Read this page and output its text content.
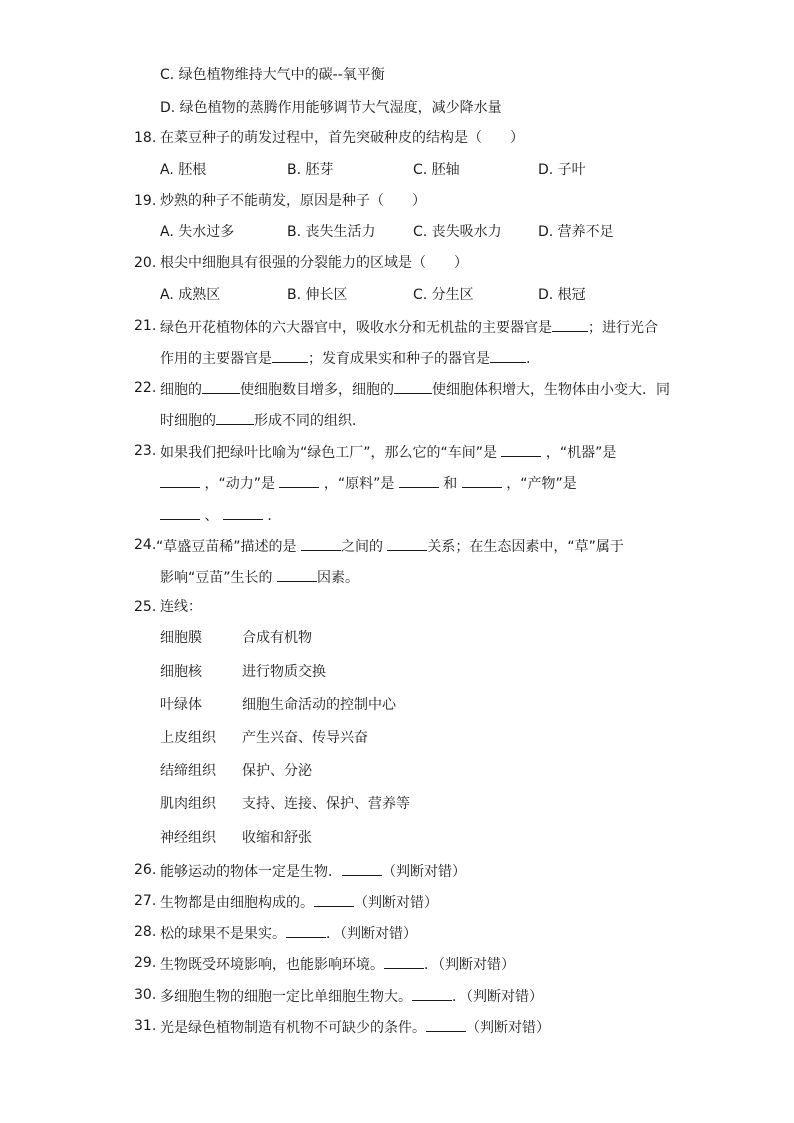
C. 绿色植物维持大气中的碳--氧平衡
D. 绿色植物的蒸腾作用能够调节大气湿度，减少降水量
18. 在菜豆种子的萌发过程中，首先突破种皮的结构是（　　）
A. 胚根	B. 胚芽	C. 胚轴	D. 子叶
19. 炒熟的种子不能萌发，原因是种子（　　）
A. 失水过多	B. 丧失生活力	C. 丧失吸水力	D. 营养不足
20. 根尖中细胞具有很强的分裂能力的区域是（　　）
A. 成熟区	B. 伸长区	C. 分生区	D. 根冠
21. 绿色开花植物体的六大器官中，吸收水分和无机盐的主要器官是	；进行光合
作用的主要器官是	；发育成果实和种子的器官是	.
22. 细胞的	使细胞数目增多，细胞的	使细胞体积增大，生物体由小变大．同
时细胞的	形成不同的组织．
23. 如果我们把绿叶比喻为“绿色工厂”，那么它的“车间”是	，“机器”是
，“动力”是	，“原料”是	和	，“产物”是
、	.
24. “草盛豆苗稀”描述的是	之间的	关系；在生态因素中，“草”属于
影响“豆苗”生长的	因素。
25. 连线：
细胞膜	合成有机物
细胞核	进行物质交换
叶绿体	细胞生命活动的控制中心
上皮组织 产生兴奋、传导兴奋
结缔组织 保护、分泌
肌肉组织 支持、连接、保护、营养等
神经组织 收缩和舒张
26. 能够运动的物体一定是生物．	（判断对错）
27. 生物都是由细胞构成的。	（判断对错）
28. 松的球果不是果实。	．（判断对错）
29. 生物既受环境影响，也能影响环境。	．（判断对错）
30. 多细胞生物的细胞一定比单细胞生物大。	．（判断对错）
31. 光是绿色植物制造有机物不可缺少的条件。	（判断对错）
